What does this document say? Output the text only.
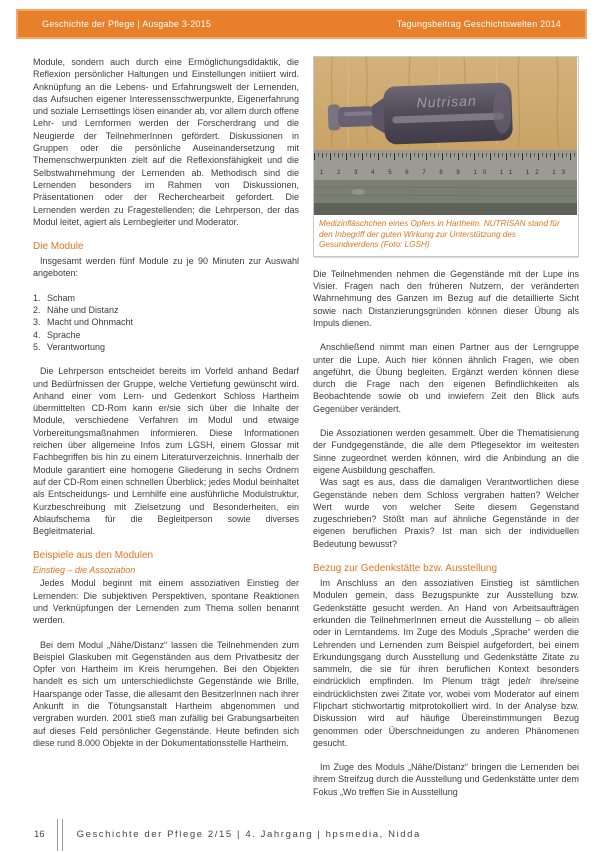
Geschichte der Pflege | Ausgabe 3-2015	Tagungsbeitrag Geschichtswelten 2014

Module, sondern auch durch eine Ermöglichungsdidaktik, die Reflexion persönlicher Haltungen und Einstellungen initiiert wird. Anknüpfung an die Lebens- und Erfahrungswelt der Lernenden, das Aufsuchen eigener Interessensschwerpunkte, Eigenerfahrung und soziale Lernsettings lösen einander ab, vor allem durch offene Lehr- und Lernformen werden der Forscherdrang und die Neugierde der TeilnehmerInnen gefördert. Diskussionen in Gruppen oder die persönliche Auseinandersetzung mit Themenschwerpunkten zielt auf die Reflexionsfähigkeit und die Selbstwahrnehmung der Lernenden ab. Methodisch sind die Lernenden besonders im Rahmen von Diskussionen, Präsentationen oder der Recherchearbeit gefordert. Die Lernenden werden zu Fragestellenden; die Lehrperson, der das Modul leitet, agiert als Lernbegleiter und Moderator.

Die Module

Insgesamt werden fünf Module zu je 90 Minuten zur Auswahl angeboten:

1. Scham
2. Nähe und Distanz
3. Macht und Ohnmacht
4. Sprache
5. Verantwortung

Die Lehrperson entscheidet bereits im Vorfeld anhand Bedarf und Bedürfnissen der Gruppe, welche Vertiefung gewünscht wird. Anhand einer vom Lern- und Gedenkort Schloss Hartheim übermittelten CD-Rom kann er/sie sich über die Inhalte der Module, verschiedene Verfahren im Modul und etwaige Vorbereitungsmaßnahmen informieren. Diese Informationen reichen über allgemeine Infos zum LGSH, einem Glossar mit Fachbegriffen bis hin zu einem Literaturverzeichnis. Innerhalb der Module garantiert eine homogene Gliederung in sechs Ordnern auf der CD-Rom einen schnellen Überblick; jedes Modul beinhaltet als Entscheidungs- und Lernhilfe eine ausführliche Modulstruktur, Kurzbeschreibung mit Zielsetzung und Besonderheiten, ein Ablaufschema für die Begleitperson sowie diverses Begleitmaterial.

Beispiele aus den Modulen
Einstieg – die Assoziation

Jedes Modul beginnt mit einem assoziativen Einstieg der Lernenden: Die subjektiven Perspektiven, spontane Reaktionen und Verknüpfungen der Lernenden zum Thema sollen benannt werden.

Bei dem Modul „Nähe/Distanz“ lassen die Teilnehmenden zum Beispiel Glaskuben mit Gegenständen aus dem Privatbesitz der Opfer von Hartheim im Kreis herumgehen. Bei den Objekten handelt es sich um unterschiedlichste Gegenstände wie Brille, Haarspange oder Tasse, die allesamt den BesitzerInnen nach ihrer Ankunft in die Tötungsanstalt Hartheim abgenommen und vergraben wurden. 2001 stieß man zufällig bei Grabungsarbeiten auf dieses Feld persönlicher Gegenstände. Heute befinden sich diese rund 8.000 Objekte in der Dokumentationsstelle Hartheim.

Nutrisan
1 2 3 4 5 6 7 8 9 10 11 12 13
Medizinfläschchen eines Opfers in Hartheim. NUTRISAN stand für den Inbegriff der guten Wirkung zur Unterstützung des Gesundwerdens (Foto: LGSH)

Die Teilnehmenden nehmen die Gegenstände mit der Lupe ins Visier. Fragen nach den früheren Nutzern, der veränderten Wahrnehmung des Ganzen im Bezug auf die detaillierte Sicht sowie nach Distanzierungsgründen können dieser Übung als Impuls dienen.

Anschließend nimmt man einen Partner aus der Lerngruppe unter die Lupe. Auch hier können ähnlich Fragen, wie oben angeführt, die Übung begleiten. Ergänzt werden können diese durch die Frage nach den eigenen Befindlichkeiten als Beobachtende sowie ob und inwiefern Zeit den Blick aufs Gegenüber verändert.

Die Assoziationen werden gesammelt. Über die Thematisierung der Fundgegenstände, die alle dem Pflegesektor im weitesten Sinne zugeordnet werden können, wird die Anbindung an die eigene Ausbildung geschaffen.

Was sagt es aus, dass die damaligen Verantwortlichen diese Gegenstände neben dem Schloss vergraben hatten? Welcher Wert wurde von welcher Seite diesem Gegenstand zugeschrieben? Stößt man auf ähnliche Gegenstände in der eigenen beruflichen Praxis? Ist man sich der individuellen Bedeutung bewusst?

Bezug zur Gedenkstätte bzw. Ausstellung

Im Anschluss an den assoziativen Einstieg ist sämtlichen Modulen gemein, dass Bezugspunkte zur Ausstellung bzw. Gedenkstätte gesucht werden. An Hand von Arbeitsaufträgen erkunden die TeilnehmerInnen erneut die Ausstellung – ob allein oder in Lerntandems. Im Zuge des Moduls „Sprache“ werden die Lehrenden und Lernenden zum Beispiel aufgefordert, bei einem Erkundungsgang durch Ausstellung und Gedenkstätte Zitate zu sammeln, die sie für ihren beruflichen Kontext besonders eindrücklich empfinden. Im Plenum trägt jede/r ihre/seine eindrücklichsten zwei Zitate vor, wobei vom Moderator auf einem Flipchart stichwortartig mitprotokolliert wird. In der Analyse bzw. Diskussion wird auf häufige Übereinstimmungen Bezug genommen oder Überschneidungen zu anderen Phänomenen gesucht.

Im Zuge des Moduls „Nähe/Distanz“ bringen die Lernenden bei ihrem Streifzug durch die Ausstellung und Gedenkstätte unter dem Fokus „Wo treffen Sie in Ausstellung

16	Geschichte der Pflege 2/15 | 4. Jahrgang | hpsmedia, Nidda
